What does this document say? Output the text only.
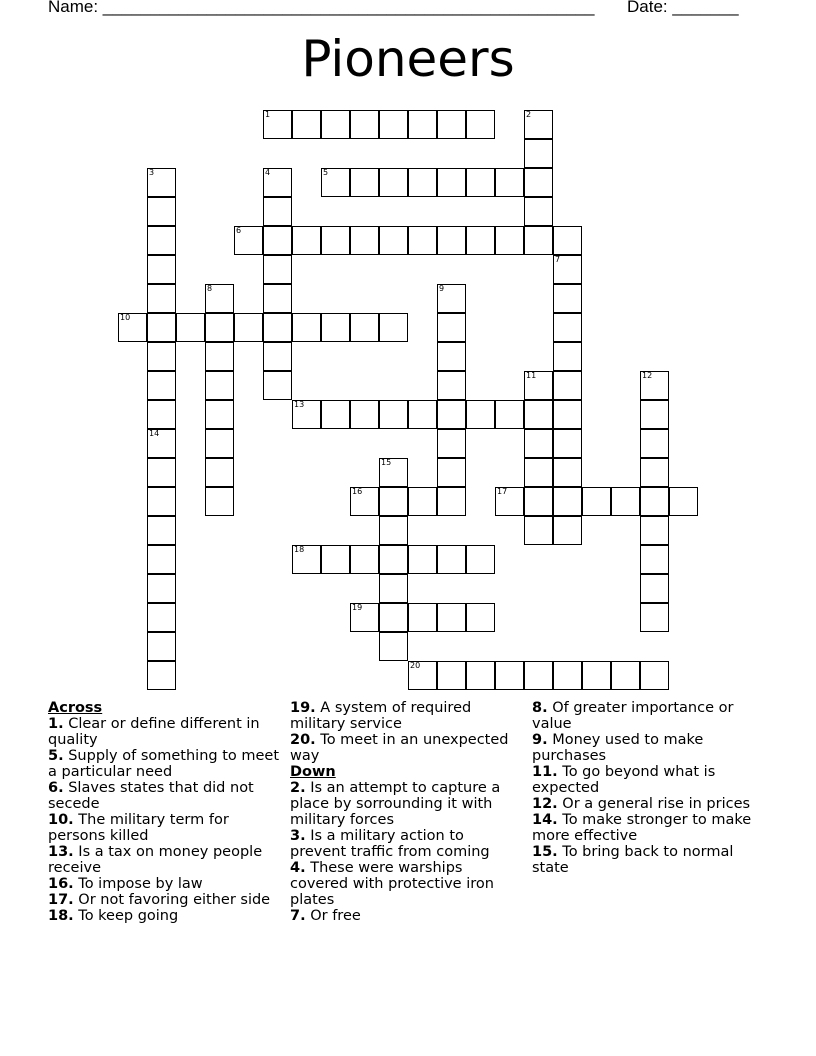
Name: ____________________________________________________ Date: _______
Pioneers
1	2
3	4	5
6
7
8	9
10
11	12
13
14
15
16	17
18
19
20
Across
1. Clear or define different in quality
5. Supply of something to meet a particular need
6. Slaves states that did not secede
10. The military term for persons killed
13. Is a tax on money people receive
16. To impose by law
17. Or not favoring either side
18. To keep going
19. A system of required military service
20. To meet in an unexpected way
Down
2. Is an attempt to capture a place by sorrounding it with military forces
3. Is a military action to prevent traffic from coming
4. These were warships covered with protective iron plates
7. Or free
8. Of greater importance or value
9. Money used to make purchases
11. To go beyond what is expected
12. Or a general rise in prices
14. To make stronger to make more effective
15. To bring back to normal state
